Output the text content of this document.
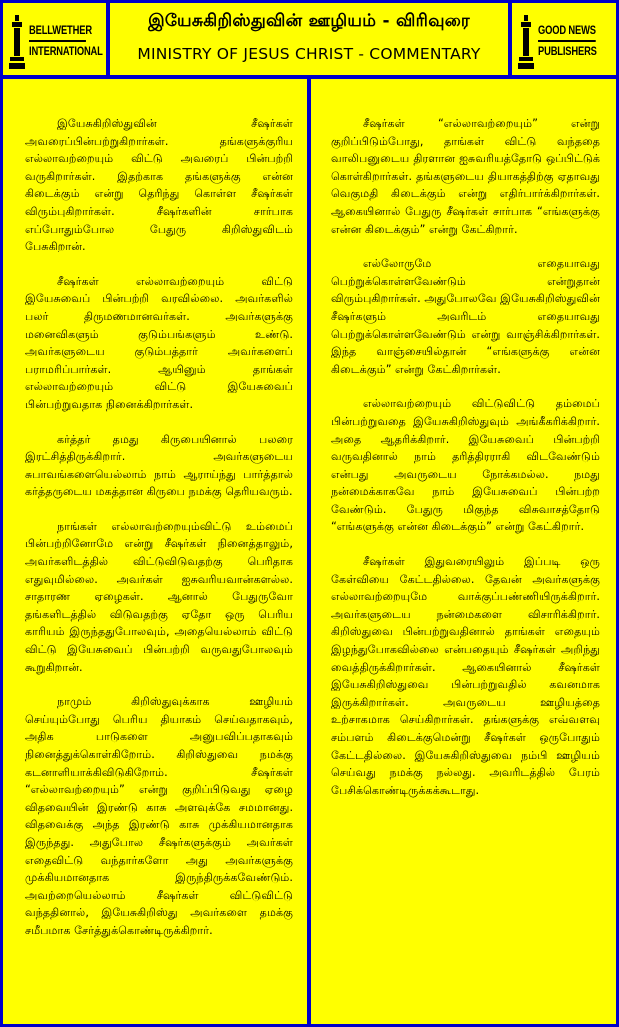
BELLWETHER
INTERNATIONAL
இயேசுகிறிஸ்துவின் ஊழியம் - விரிவுரை
MINISTRY OF JESUS CHRIST - COMMENTARY
GOOD NEWS
PUBLISHERS

இயேசுகிறிஸ்துவின் சீஷர்கள் அவரைப்பின்பற்றுகிறார்கள். தங்களுக்குரிய எல்லாவற்றையும் விட்டு அவரைப் பின்பற்றி வருகிறார்கள். இதற்காக தங்களுக்கு என்ன கிடைக்கும் என்று தெரிந்து கொள்ள சீஷர்கள் விரும்புகிறார்கள். சீஷர்களின் சார்பாக எப்போதும்போல பேதுரு கிறிஸ்துவிடம் பேசுகிறான்.

சீஷர்கள் எல்லாவற்றையும் விட்டு இயேசுவைப் பின்பற்றி வரவில்லை. அவர்களில் பலர் திருமணமானவர்கள். அவர்களுக்கு மனைவிகளும் குடும்பங்களும் உண்டு. அவர்களுடைய குடும்பத்தார் அவர்களைப் பராமரிப்பார்கள். ஆயினும் தாங்கள் எல்லாவற்றையும் விட்டு இயேசுவைப் பின்பற்றுவதாக நினைக்கிறார்கள்.

கர்த்தர் தமது கிருபையினால் பலரை இரட்சித்திருக்கிறார். அவர்களுடைய சுபாவங்களையெல்லாம் நாம் ஆராய்ந்து பார்த்தால் கர்த்தருடைய மகத்தான கிருபை நமக்கு தெரியவரும்.

நாங்கள் எல்லாவற்றையும்விட்டு உம்மைப் பின்பற்றினோமே என்று சீஷர்கள் நினைத்தாலும், அவர்களிடத்தில் விட்டுவிடுவதற்கு பெரிதாக எதுவுமில்லை. அவர்கள் ஐசுவரியவான்களல்ல. சாதாரண ஏழைகள். ஆனால் பேதுருவோ தங்களிடத்தில் விடுவதற்கு ஏதோ ஒரு பெரிய காரியம் இருந்ததுபோலவும், அதையெல்லாம் விட்டு விட்டு இயேசுவைப் பின்பற்றி வருவதுபோலவும் கூறுகிறான்.

நாமும் கிறிஸ்துவுக்காக ஊழியம் செய்யும்போது பெரிய தியாகம் செய்வதாகவும், அதிக பாடுகளை அனுபவிப்பதாகவும் நினைத்துக்கொள்கிறோம். கிறிஸ்துவை நமக்கு கடனாளியாக்கிவிடுகிறோம். சீஷர்கள் “எல்லாவற்றையும்” என்று குறிப்பிடுவது ஏழை விதவையின் இரண்டு காசு அளவுக்கே சமமானது. விதவைக்கு அந்த இரண்டு காசு முக்கியமானதாக இருந்தது. அதுபோல சீஷர்களுக்கும் அவர்கள் எதைவிட்டு வந்தார்களோ அது அவர்களுக்கு முக்கியமானதாக இருந்திருக்கவேண்டும். அவற்றையெல்லாம் சீஷர்கள் விட்டுவிட்டு வந்ததினால், இயேசுகிறிஸ்து அவர்களை தமக்கு சமீபமாக சேர்த்துக்கொண்டிருக்கிறார்.

சீஷர்கள் “எல்லாவற்றையும்” என்று குறிப்பிடும்போது, தாங்கள் விட்டு வந்ததை வாலிபனுடைய திரளான ஐசுவரியத்தோடு ஒப்பிட்டுக் கொள்கிறார்கள். தங்களுடைய தியாகத்திற்கு ஏதாவது வெகுமதி கிடைக்கும் என்று எதிர்பார்க்கிறார்கள். ஆகையினால் பேதுரு சீஷர்கள் சார்பாக “எங்களுக்கு என்ன கிடைக்கும்” என்று கேட்கிறார்.

எல்லோருமே எதையாவது பெற்றுக்கொள்ளவேண்டும் என்றுதான் விரும்புகிறார்கள். அதுபோலவே இயேசுகிறிஸ்துவின் சீஷர்களும் அவரிடம் எதையாவது பெற்றுக்கொள்ளவேண்டும் என்று வாஞ்சிக்கிறார்கள். இந்த வாஞ்சையில்தான் “எங்களுக்கு என்ன கிடைக்கும்” என்று கேட்கிறார்கள்.

எல்லாவற்றையும் விட்டுவிட்டு தம்மைப் பின்பற்றுவதை இயேசுகிறிஸ்துவும் அங்கீகரிக்கிறார். அதை ஆதரிக்கிறார். இயேசுவைப் பின்பற்றி வருவதினால் நாம் தரித்திரராகி விடவேண்டும் என்பது அவருடைய நோக்கமல்ல. நமது நன்மைக்காகவே நாம் இயேசுவைப் பின்பற்ற வேண்டும். பேதுரு மிகுந்த விசுவாசத்தோடு “எங்களுக்கு என்ன கிடைக்கும்” என்று கேட்கிறார்.

சீஷர்கள் இதுவரையிலும் இப்படி ஒரு கேள்வியை கேட்டதில்லை. தேவன் அவர்களுக்கு எல்லாவற்றையுமே வாக்குப்பண்ணியிருக்கிறார். அவர்களுடைய நன்மைகளை விசாரிக்கிறார். கிறிஸ்துவை பின்பற்றுவதினால் தாங்கள் எதையும் இழந்துபோகவில்லை என்பதையும் சீஷர்கள் அறிந்து வைத்திருக்கிறார்கள். ஆகையினால் சீஷர்கள் இயேசுகிறிஸ்துவை பின்பற்றுவதில் கவனமாக இருக்கிறார்கள். அவருடைய ஊழியத்தை உற்சாகமாக செய்கிறார்கள். தங்களுக்கு எவ்வளவு சம்பளம் கிடைக்குமென்று சீஷர்கள் ஒருபோதும் கேட்டதில்லை. இயேசுகிறிஸ்துவை நம்பி ஊழியம் செய்வது நமக்கு நல்லது. அவரிடத்தில் பேரம் பேசிக்கொண்டிருக்கக்கூடாது.
